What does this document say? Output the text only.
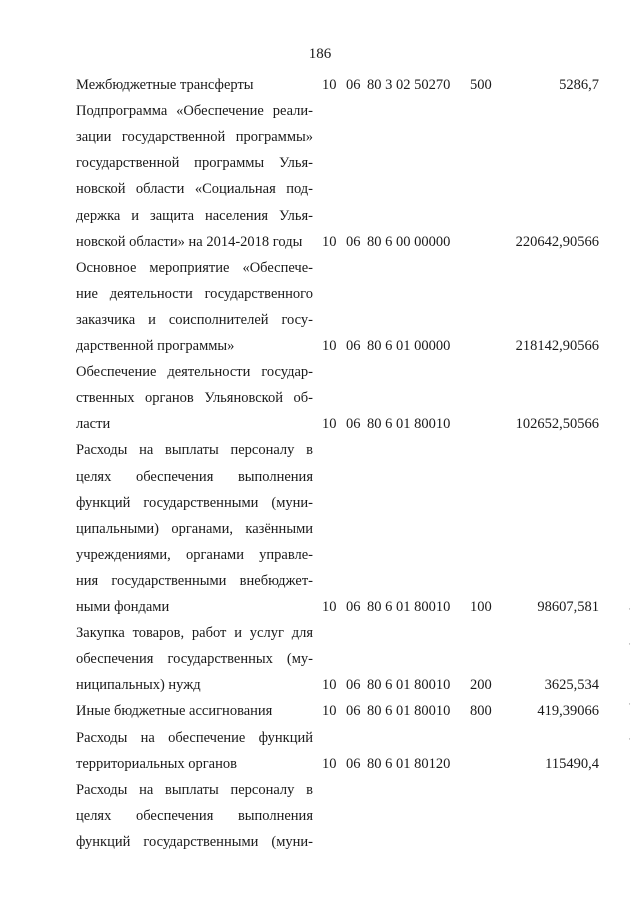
186
Межбюджетные трансферты	10 06 80 3 02 50270 500	5286,7
Подпрограмма «Обеспечение реали-
зации государственной программы»
государственной программы Улья-
новской области «Социальная под-
держка и защита населения Улья-
новской области» на 2014-2018 годы	10 06 80 6 00 00000	220642,90566
Основное мероприятие «Обеспече-
ние деятельности государственного
заказчика и соисполнителей госу-
дарственной программы»	10 06 80 6 01 00000	218142,90566
Обеспечение деятельности государ-
ственных органов Ульяновской об-
ласти	10 06 80 6 01 80010	102652,50566
Расходы на выплаты персоналу в
целях обеспечения выполнения
функций государственными (муни-
ципальными) органами, казёнными
учреждениями, органами управле-
ния государственными внебюджет-
ными фондами	10 06 80 6 01 80010 100	98607,581
Закупка товаров, работ и услуг для
обеспечения государственных (му-
ниципальных) нужд	10 06 80 6 01 80010 200	3625,534
Иные бюджетные ассигнования	10 06 80 6 01 80010 800	419,39066
Расходы на обеспечение функций
территориальных органов	10 06 80 6 01 80120	115490,4
Расходы на выплаты персоналу в
целях обеспечения выполнения
функций государственными (муни-
·
·
·
·
